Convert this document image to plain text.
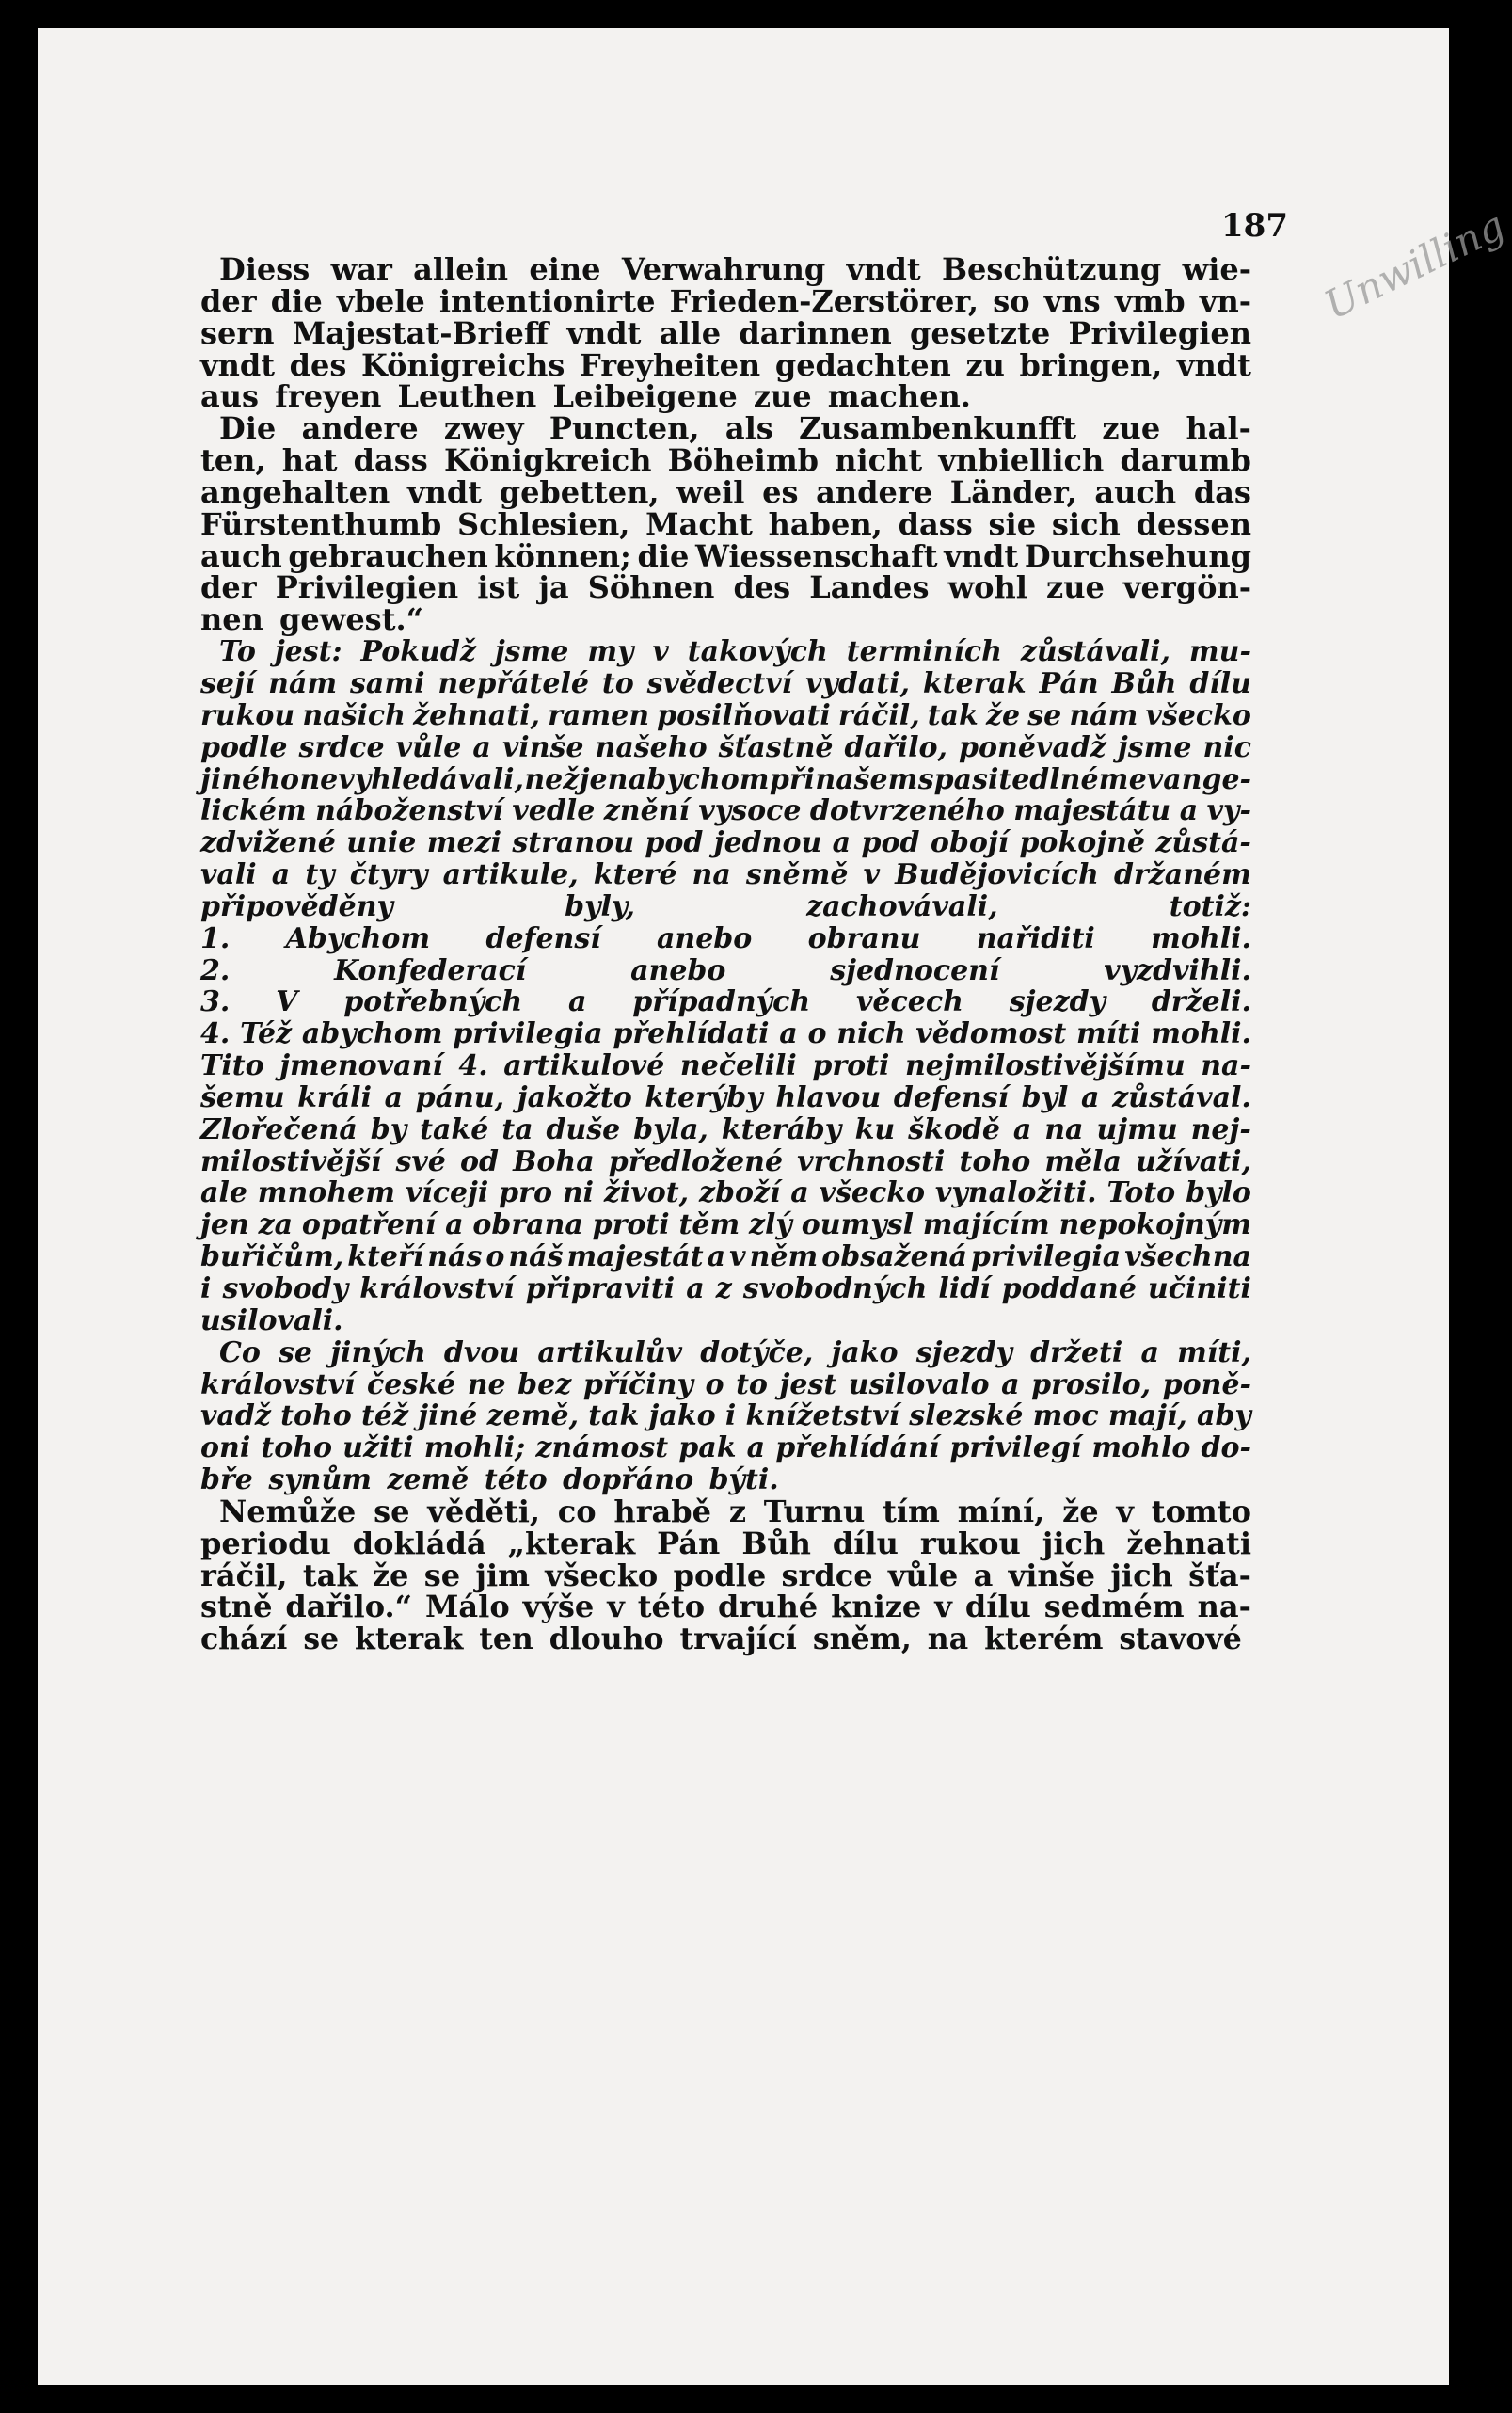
187 Unwilling
Diess war allein eine Verwahrung vndt Beschützung wie-
der die vbele intentionirte Frieden-Zerstörer, so vns vmb vn-
sern Majestat-Brieff vndt alle darinnen gesetzte Privilegien
vndt des Königreichs Freyheiten gedachten zu bringen, vndt
aus freyen Leuthen Leibeigene zue machen.
Die andere zwey Puncten, als Zusambenkunfft zue hal-
ten, hat dass Königkreich Böheimb nicht vnbiellich darumb
angehalten vndt gebetten, weil es andere Länder, auch das
Fürstenthumb Schlesien, Macht haben, dass sie sich dessen
auch gebrauchen können; die Wiessenschaft vndt Durchsehung
der Privilegien ist ja Söhnen des Landes wohl zue vergön-
nen gewest.“
To jest: Pokudž jsme my v takových terminích zůstávali, mu-
sejí nám sami nepřátelé to svědectví vydati, kterak Pán Bůh dílu
rukou našich žehnati, ramen posilňovati ráčil, tak že se nám všecko
podle srdce vůle a vinše našeho šťastně dařilo, poněvadž jsme nic
jiného nevyhledávali, než jen abychom při našem spasitedlném evange-
lickém náboženství vedle znění vysoce dotvrzeného majestátu a vy-
zdvižené unie mezi stranou pod jednou a pod obojí pokojně zůstá-
vali a ty čtyry artikule, které na sněmě v Budějovicích držaném
připověděny	byly,	zachovávali,	totiž:
1. Abychom defensí anebo obranu nařiditi mohli.
2.	Konfederací	anebo	sjednocení	vyzdvihli.
3. V potřebných a případných věcech sjezdy drželi.
4. Též abychom privilegia přehlídati a o nich vědomost míti mohli.
Tito jmenovaní 4. artikulové nečelili proti nejmilostivějšímu na-
šemu králi a pánu, jakožto kterýby hlavou defensí byl a zůstával.
Zlořečená by také ta duše byla, kterábу ku škodě a na ujmu nej-
milostivější své od Boha předložené vrchnosti toho měla užívati,
ale mnohem víceji pro ni život, zboží a všecko vynaložiti. Toto bylo
jen za opatření a obrana proti těm zlý oumysl majícím nepokojným
buřičům, kteří nás o náš majestát a v něm obsažená privilegia všechna
i svobody království připraviti a z svobodných lidí poddané učiniti
usilovali.
Co se jiných dvou artikulův dotýče, jako sjezdy držeti a míti,
království české ne bez příčiny o to jest usilovalo a prosilo, poně-
vadž toho též jiné země, tak jako i knížetství slezské moc mají, aby
oni toho užiti mohli; známost pak a přehlídání privilegí mohlo do-
bře synům země této dopřáno býti.
Nemůže se věděti, co hrabě z Turnu tím míní, že v tomto
periodu dokládá „kterak Pán Bůh dílu rukou jich žehnati
ráčil, tak že se jim všecko podle srdce vůle a vinše jich šťa-
stně dařilo.“ Málo výše v této druhé knize v dílu sedmém na-
chází se kterak ten dlouho trvající sněm, na kterém stavové
